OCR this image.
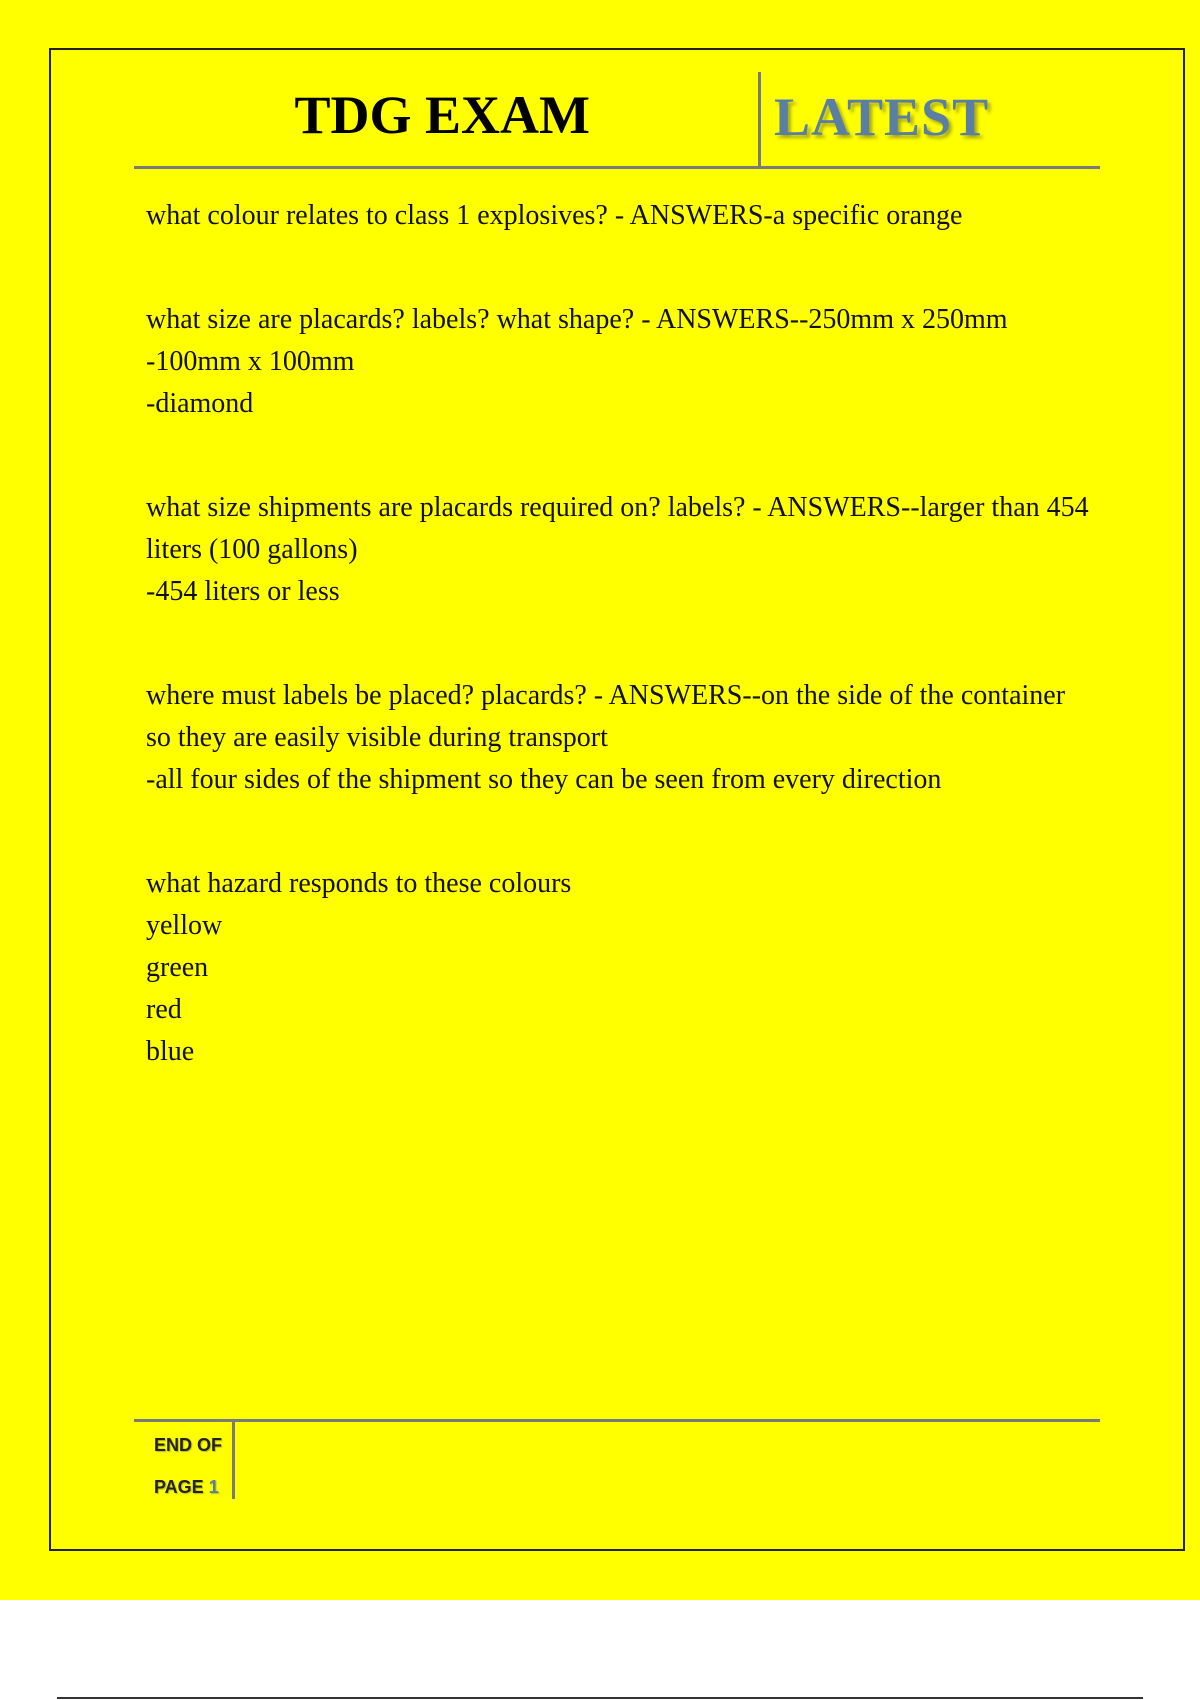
TDG EXAM	LATEST

what colour relates to class 1 explosives? - ANSWERS-a specific orange

what size are placards? labels? what shape? - ANSWERS--250mm x 250mm

-100mm x 100mm

-diamond

what size shipments are placards required on? labels? - ANSWERS--larger than 454 liters (100 gallons)

-454 liters or less

where must labels be placed? placards? - ANSWERS--on the side of the container so they are easily visible during transport

-all four sides of the shipment so they can be seen from every direction

what hazard responds to these colours

yellow

green

red

blue

END OF
PAGE 1
